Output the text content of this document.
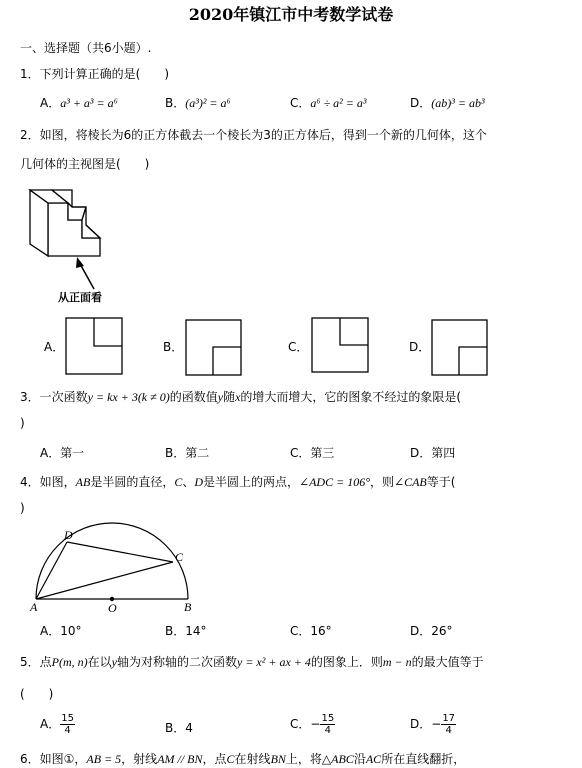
2020年镇江市中考数学试卷
一、选择题（共6小题）.
1．下列计算正确的是(　　)
A．a³ + a³ = a⁶	B．(a³)² = a⁶	C．a⁶ ÷ a² = a³	D．(ab)³ = ab³
2．如图，将棱长为6的正方体截去一个棱长为3的正方体后，得到一个新的几何体，这个
几何体的主视图是(　　)
从正面看
A．	B．	C．	D．
3．一次函数y = kx + 3(k ≠ 0)的函数值y随x的增大而增大，它的图象不经过的象限是(
)
A．第一	B．第二	C．第三	D．第四
4．如图，AB是半圆的直径，C、D是半圆上的两点，∠ADC = 106°，则∠CAB等于(
)
D
C
A	O	B
A．10°	B．14°	C．16°	D．26°
5．点P(m, n)在以y轴为对称轴的二次函数y = x² + ax + 4的图象上．则m − n的最大值等于
(　　)
A． $\frac{15}{4}$	B．4	C．− $\frac{15}{4}$	D．− $\frac{17}{4}$
6．如图①，AB = 5，射线AM // BN，点C在射线BN上，将△ABC沿AC所在直线翻折，
